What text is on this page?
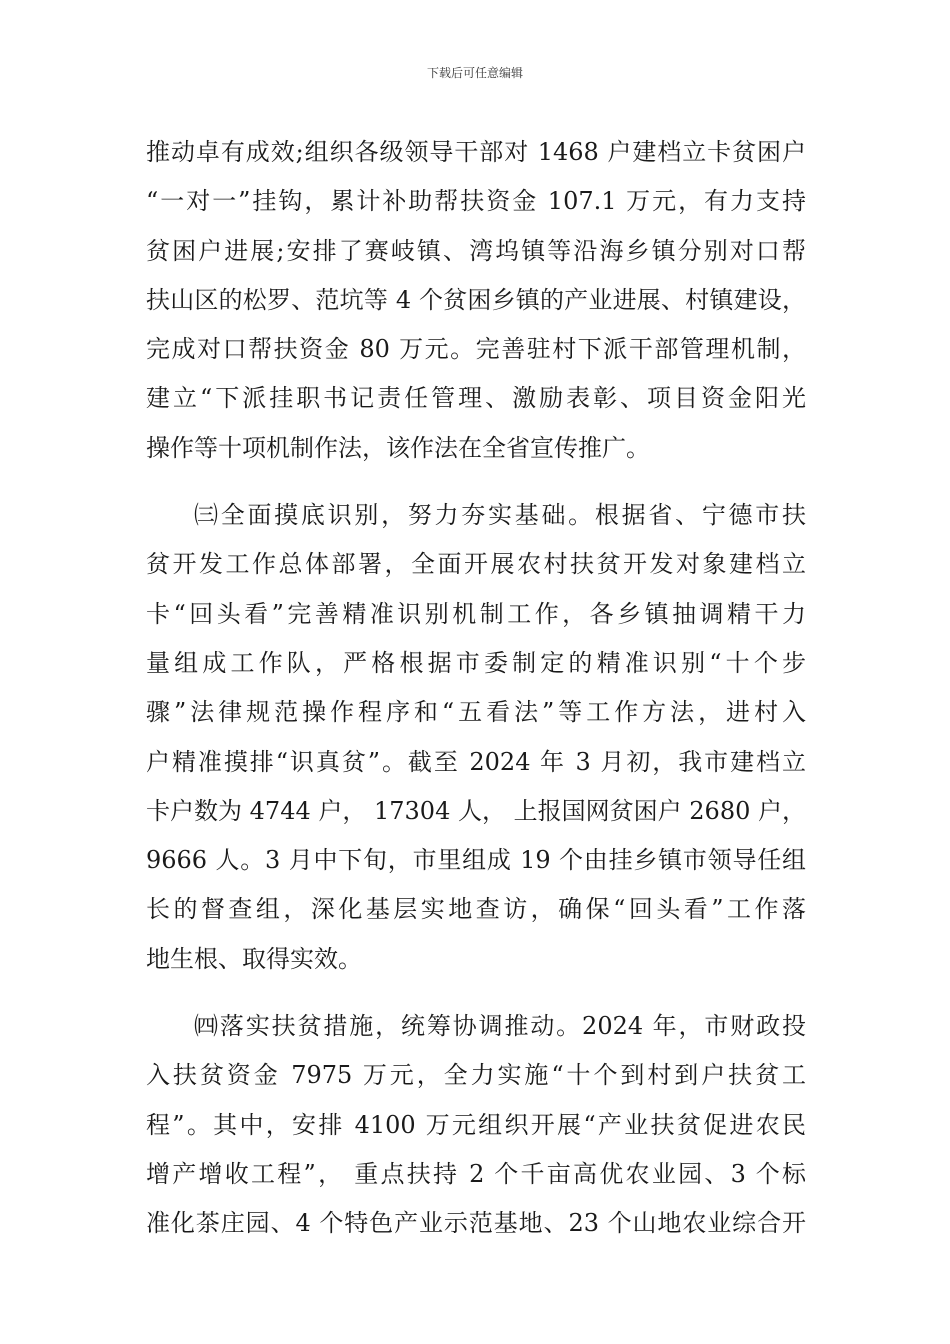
下载后可任意编辑
推动卓有成效;组织各级领导干部对 1468 户建档立卡贫困户
“一对一”挂钩，累计补助帮扶资金 107.1 万元，有力支持
贫困户进展;安排了赛岐镇、湾坞镇等沿海乡镇分别对口帮
扶山区的松罗、范坑等 4 个贫困乡镇的产业进展、村镇建设，
完成对口帮扶资金 80 万元。完善驻村下派干部管理机制，
建立“下派挂职书记责任管理、激励表彰、项目资金阳光
操作等十项机制作法，该作法在全省宣传推广。
㈢全面摸底识别，努力夯实基础。根据省、宁德市扶
贫开发工作总体部署，全面开展农村扶贫开发对象建档立
卡“回头看”完善精准识别机制工作，各乡镇抽调精干力
量组成工作队，严格根据市委制定的精准识别“十个步
骤”法律规范操作程序和“五看法”等工作方法，进村入
户精准摸排“识真贫”。截至 2024 年 3 月初，我市建档立
卡户数为 4744 户， 17304 人， 上报国网贫困户 2680 户，
9666 人。3 月中下旬，市里组成 19 个由挂乡镇市领导任组
长的督查组，深化基层实地查访，确保“回头看”工作落
地生根、取得实效。
㈣落实扶贫措施，统筹协调推动。2024 年，市财政投
入扶贫资金 7975 万元，全力实施“十个到村到户扶贫工
程”。其中，安排 4100 万元组织开展“产业扶贫促进农民
增产增收工程”， 重点扶持 2 个千亩高优农业园、3 个标
准化茶庄园、4 个特色产业示范基地、23 个山地农业综合开
